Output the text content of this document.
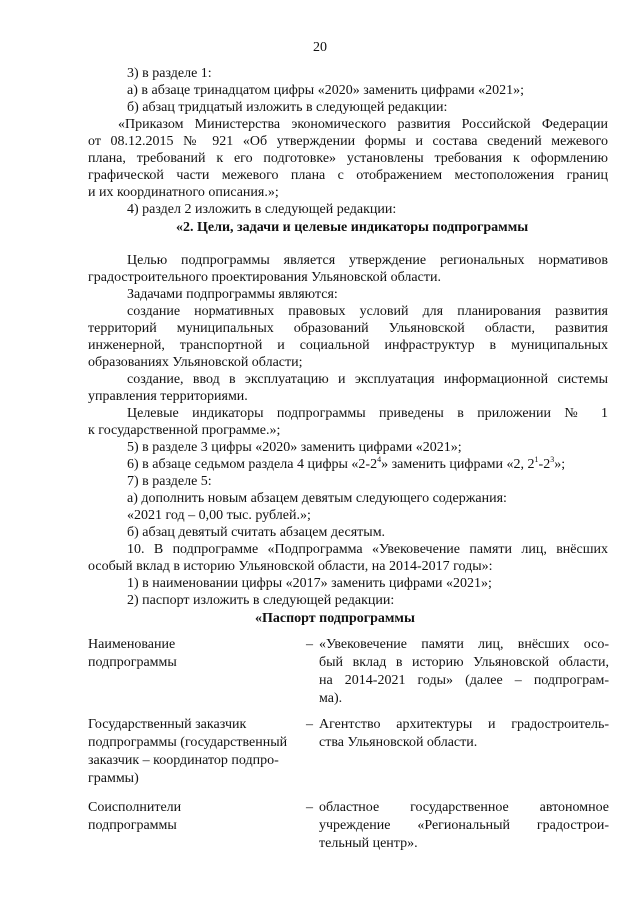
20
3) в разделе 1:
а) в абзаце тринадцатом цифры «2020» заменить цифрами «2021»;
б) абзац тридцатый изложить в следующей редакции:
«Приказом Министерства экономического развития Российской Федерации
от 08.12.2015 № 921 «Об утверждении формы и состава сведений межевого
плана, требований к его подготовке» установлены требования к оформлению
графической части межевого плана с отображением местоположения границ
и их координатного описания.»;
4) раздел 2 изложить в следующей редакции:
«2. Цели, задачи и целевые индикаторы подпрограммы
Целью подпрограммы является утверждение региональных нормативов
градостроительного проектирования Ульяновской области.
Задачами подпрограммы являются:
создание нормативных правовых условий для планирования развития
территорий муниципальных образований Ульяновской области, развития
инженерной, транспортной и социальной инфраструктур в муниципальных
образованиях Ульяновской области;
создание, ввод в эксплуатацию и эксплуатация информационной системы
управления территориями.
Целевые индикаторы подпрограммы приведены в приложении № 1
к государственной программе.»;
5) в разделе 3 цифры «2020» заменить цифрами «2021»;
6) в абзаце седьмом раздела 4 цифры «$2-2^4$» заменить цифрами «2, $2^1-2^3$»;
7) в разделе 5:
а) дополнить новым абзацем девятым следующего содержания:
«2021 год – 0,00 тыс. рублей.»;
б) абзац девятый считать абзацем десятым.
10. В подпрограмме «Подпрограмма «Увековечение памяти лиц, внёсших
особый вклад в историю Ульяновской области, на 2014-2017 годы»:
1) в наименовании цифры «2017» заменить цифрами «2021»;
2) паспорт изложить в следующей редакции:
«Паспорт подпрограммы
Наименование
подпрограммы
– «Увековечение памяти лиц, внёсших осо-
бый вклад в историю Ульяновской области,
на 2014-2021 годы» (далее – подпрограм-
ма).
Государственный заказчик
подпрограммы (государственный
заказчик – координатор подпро-
граммы)
– Агентство архитектуры и градостроитель-
ства Ульяновской области.
Соисполнители
подпрограммы
– областное государственное автономное
учреждение «Региональный градострои-
тельный центр».
